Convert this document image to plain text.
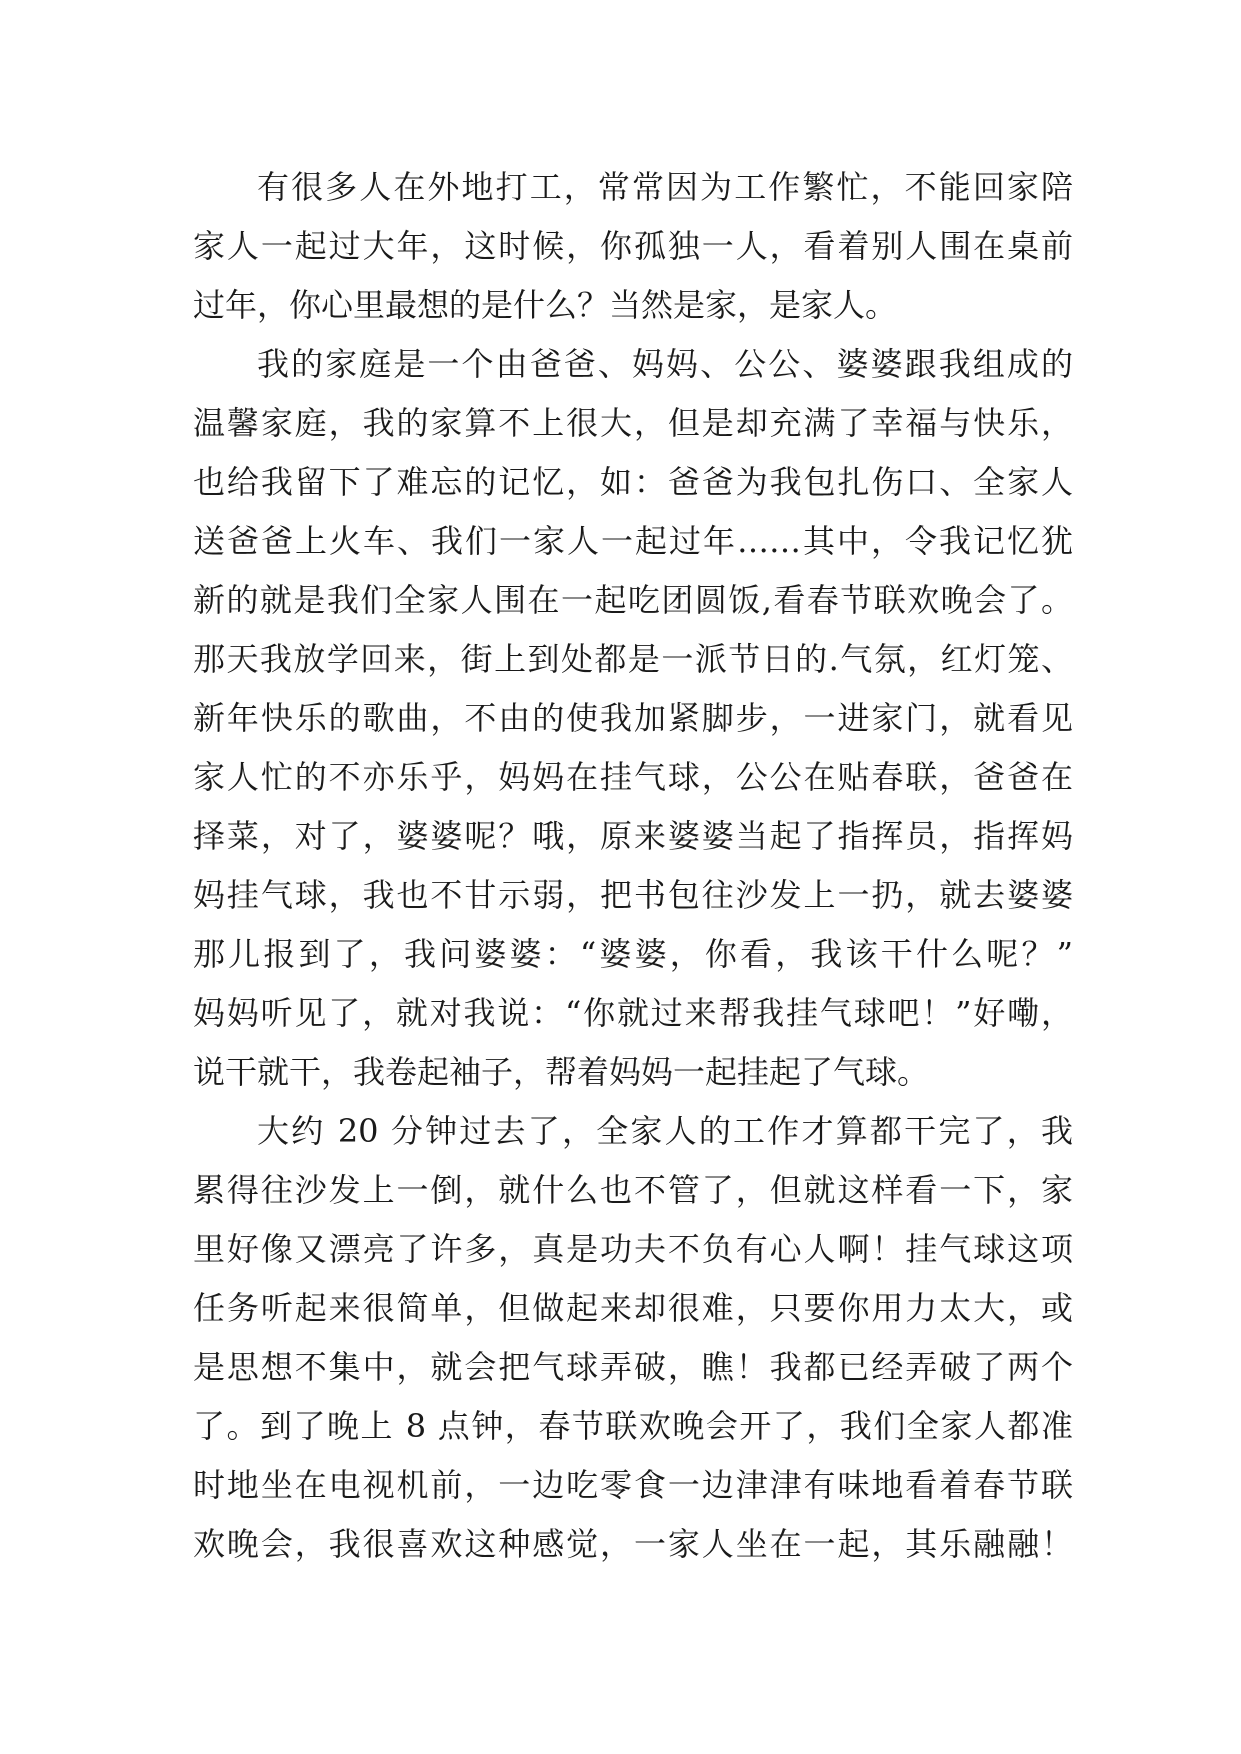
有很多人在外地打工，常常因为工作繁忙，不能回家陪
家人一起过大年，这时候，你孤独一人，看着别人围在桌前
过年，你心里最想的是什么？当然是家，是家人。
我的家庭是一个由爸爸、妈妈、公公、婆婆跟我组成的
温馨家庭，我的家算不上很大，但是却充满了幸福与快乐，
也给我留下了难忘的记忆，如：爸爸为我包扎伤口、全家人
送爸爸上火车、我们一家人一起过年……其中，令我记忆犹
新的就是我们全家人围在一起吃团圆饭,看春节联欢晚会了。
那天我放学回来，街上到处都是一派节日的.气氛，红灯笼、
新年快乐的歌曲，不由的使我加紧脚步，一进家门，就看见
家人忙的不亦乐乎，妈妈在挂气球，公公在贴春联，爸爸在
择菜，对了，婆婆呢？哦，原来婆婆当起了指挥员，指挥妈
妈挂气球，我也不甘示弱，把书包往沙发上一扔，就去婆婆
那儿报到了，我问婆婆：“婆婆，你看，我该干什么呢？”
妈妈听见了，就对我说：“你就过来帮我挂气球吧！”好嘞，
说干就干，我卷起袖子，帮着妈妈一起挂起了气球。
大约 20 分钟过去了，全家人的工作才算都干完了，我
累得往沙发上一倒，就什么也不管了，但就这样看一下，家
里好像又漂亮了许多，真是功夫不负有心人啊！挂气球这项
任务听起来很简单，但做起来却很难，只要你用力太大，或
是思想不集中，就会把气球弄破，瞧！我都已经弄破了两个
了。到了晚上 8 点钟，春节联欢晚会开了，我们全家人都准
时地坐在电视机前，一边吃零食一边津津有味地看着春节联
欢晚会，我很喜欢这种感觉，一家人坐在一起，其乐融融！
